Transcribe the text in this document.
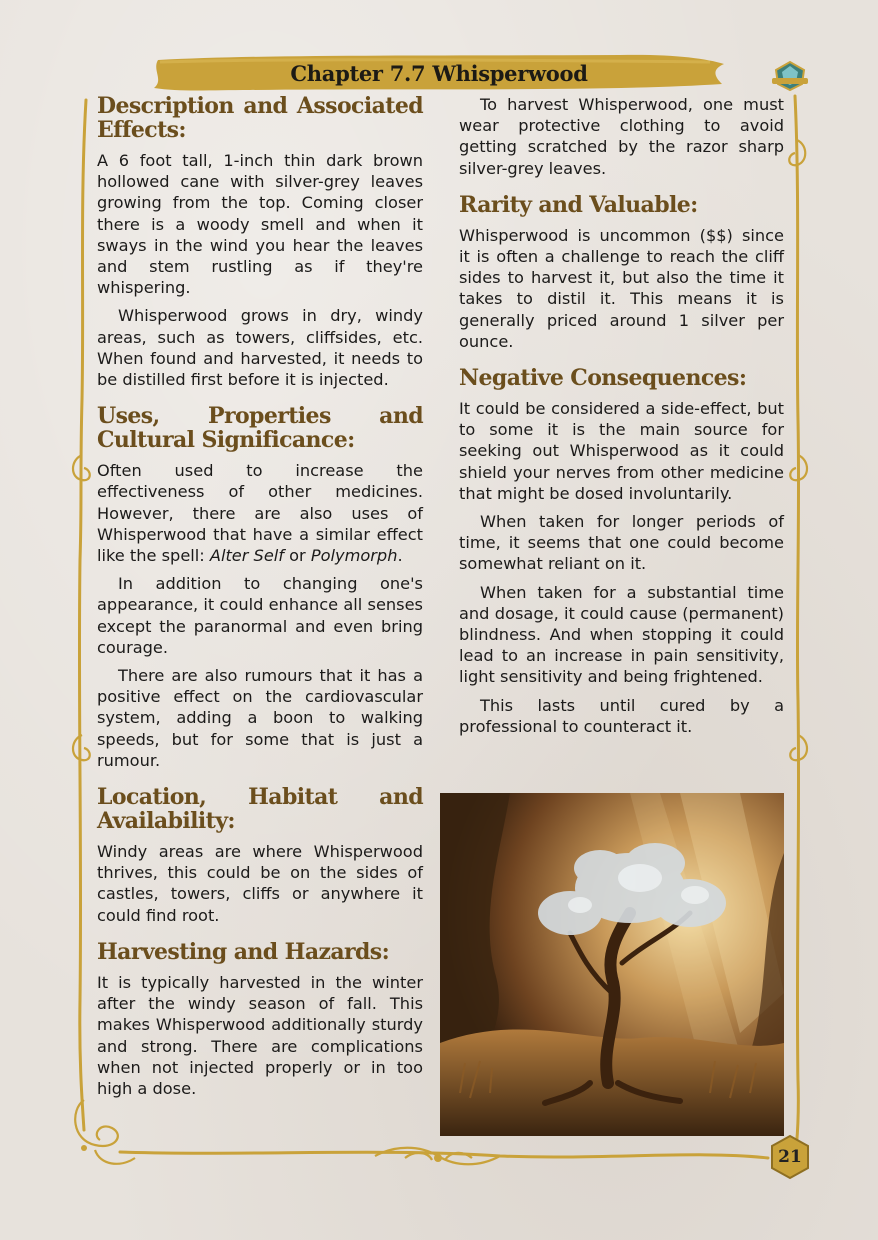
Chapter 7.7 Whisperwood
Description and Associated Effects:

A 6 foot tall, 1-inch thin dark brown hollowed cane with silver-grey leaves growing from the top. Coming closer there is a woody smell and when it sways in the wind you hear the leaves and stem rustling as if they're whispering.

Whisperwood grows in dry, windy areas, such as towers, cliffsides, etc. When found and harvested, it needs to be distilled first before it is injected.

Uses, Properties and Cultural Significance:

Often used to increase the effectiveness of other medicines. However, there are also uses of Whisperwood that have a similar effect like the spell: Alter Self or Polymorph.

In addition to changing one's appearance, it could enhance all senses except the paranormal and even bring courage.

There are also rumours that it has a positive effect on the cardiovascular system, adding a boon to walking speeds, but for some that is just a rumour.

Location, Habitat and Availability:

Windy areas are where Whisperwood thrives, this could be on the sides of castles, towers, cliffs or anywhere it could find root.

Harvesting and Hazards:

It is typically harvested in the winter after the windy season of fall. This makes Whisperwood additionally sturdy and strong. There are complications when not injected properly or in too high a dose.

To harvest Whisperwood, one must wear protective clothing to avoid getting scratched by the razor sharp silver-grey leaves.

Rarity and Valuable:

Whisperwood is uncommon ($$) since it is often a challenge to reach the cliff sides to harvest it, but also the time it takes to distil it. This means it is generally priced around 1 silver per ounce.

Negative Consequences:

It could be considered a side-effect, but to some it is the main source for seeking out Whisperwood as it could shield your nerves from other medicine that might be dosed involuntarily.

When taken for longer periods of time, it seems that one could become somewhat reliant on it.

When taken for a substantial time and dosage, it could cause (permanent) blindness. And when stopping it could lead to an increase in pain sensitivity, light sensitivity and being frightened.

This lasts until cured by a professional to counteract it.

21
